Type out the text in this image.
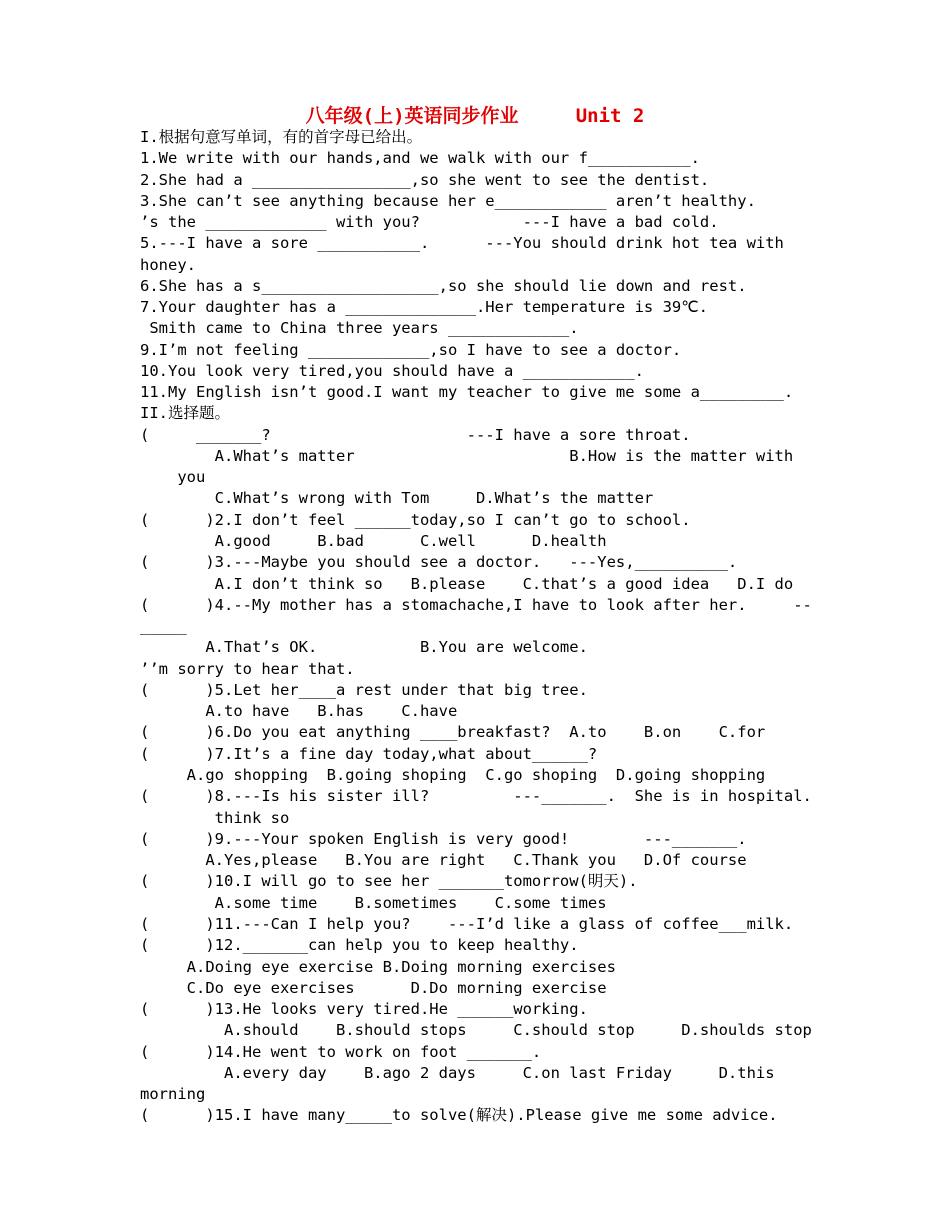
八年级(上)英语同步作业     Unit 2
I.根据句意写单词，有的首字母已给出。
1.We write with our hands,and we walk with our f___________.
2.She had a _________________,so she went to see the dentist.
3.She can’t see anything because her e____________ aren’t healthy.
’s the _____________ with you?           ---I have a bad cold.
5.---I have a sore ___________.      ---You should drink hot tea with
honey.
6.She has a s___________________,so she should lie down and rest.
7.Your daughter has a ______________.Her temperature is 39℃.
Smith came to China three years _____________.
9.I’m not feeling _____________,so I have to see a doctor.
10.You look very tired,you should have a ____________.
11.My English isn’t good.I want my teacher to give me some a_________.
II.选择题。
(     _______?                     ---I have a sore throat.
A.What’s matter                       B.How is the matter with
you
C.What’s wrong with Tom     D.What’s the matter
(      )2.I don’t feel ______today,so I can’t go to school.
A.good     B.bad      C.well      D.health
(      )3.---Maybe you should see a doctor.   ---Yes,__________.
A.I don’t think so   B.please    C.that’s a good idea   D.I do
(      )4.--My mother has a stomachache,I have to look after her.     --
_____
A.That’s OK.           B.You are welcome.
’’m sorry to hear that.
(      )5.Let her____a rest under that big tree.
A.to have   B.has    C.have
(      )6.Do you eat anything ____breakfast?  A.to    B.on    C.for
(      )7.It’s a fine day today,what about______?
A.go shopping  B.going shoping  C.go shoping  D.going shopping
(      )8.---Is his sister ill?         ---_______.  She is in hospital.
think so
(      )9.---Your spoken English is very good!        ---_______.
A.Yes,please   B.You are right   C.Thank you   D.Of course
(      )10.I will go to see her _______tomorrow(明天).
A.some time    B.sometimes    C.some times
(      )11.---Can I help you?    ---I’d like a glass of coffee___milk.
(      )12._______can help you to keep healthy.
A.Doing eye exercise B.Doing morning exercises
C.Do eye exercises      D.Do morning exercise
(      )13.He looks very tired.He ______working.
A.should    B.should stops     C.should stop     D.shoulds stop
(      )14.He went to work on foot _______.
A.every day    B.ago 2 days     C.on last Friday     D.this
morning
(      )15.I have many_____to solve(解决).Please give me some advice.
